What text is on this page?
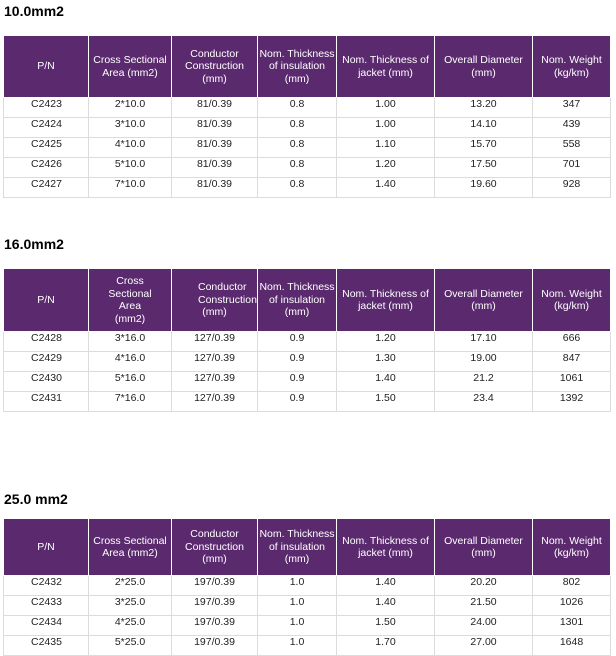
10.0mm2
P/N	Cross Sectional Area (mm2)	Conductor Construction (mm)	Nom. Thickness of insulation (mm)	Nom. Thickness of jacket (mm)	Overall Diameter (mm)	Nom. Weight (kg/km)
C2423	2*10.0	81/0.39	0.8	1.00	13.20	347
C2424	3*10.0	81/0.39	0.8	1.00	14.10	439
C2425	4*10.0	81/0.39	0.8	1.10	15.70	558
C2426	5*10.0	81/0.39	0.8	1.20	17.50	701
C2427	7*10.0	81/0.39	0.8	1.40	19.60	928
16.0mm2
P/N	Cross Sectional Area (mm2)	Conductor Construction (mm)	Nom. Thickness of insulation (mm)	Nom. Thickness of jacket (mm)	Overall Diameter (mm)	Nom. Weight (kg/km)
C2428	3*16.0	127/0.39	0.9	1.20	17.10	666
C2429	4*16.0	127/0.39	0.9	1.30	19.00	847
C2430	5*16.0	127/0.39	0.9	1.40	21.2	1061
C2431	7*16.0	127/0.39	0.9	1.50	23.4	1392
25.0 mm2
P/N	Cross Sectional Area (mm2)	Conductor Construction (mm)	Nom. Thickness of insulation (mm)	Nom. Thickness of jacket (mm)	Overall Diameter (mm)	Nom. Weight (kg/km)
C2432	2*25.0	197/0.39	1.0	1.40	20.20	802
C2433	3*25.0	197/0.39	1.0	1.40	21.50	1026
C2434	4*25.0	197/0.39	1.0	1.50	24.00	1301
C2435	5*25.0	197/0.39	1.0	1.70	27.00	1648
